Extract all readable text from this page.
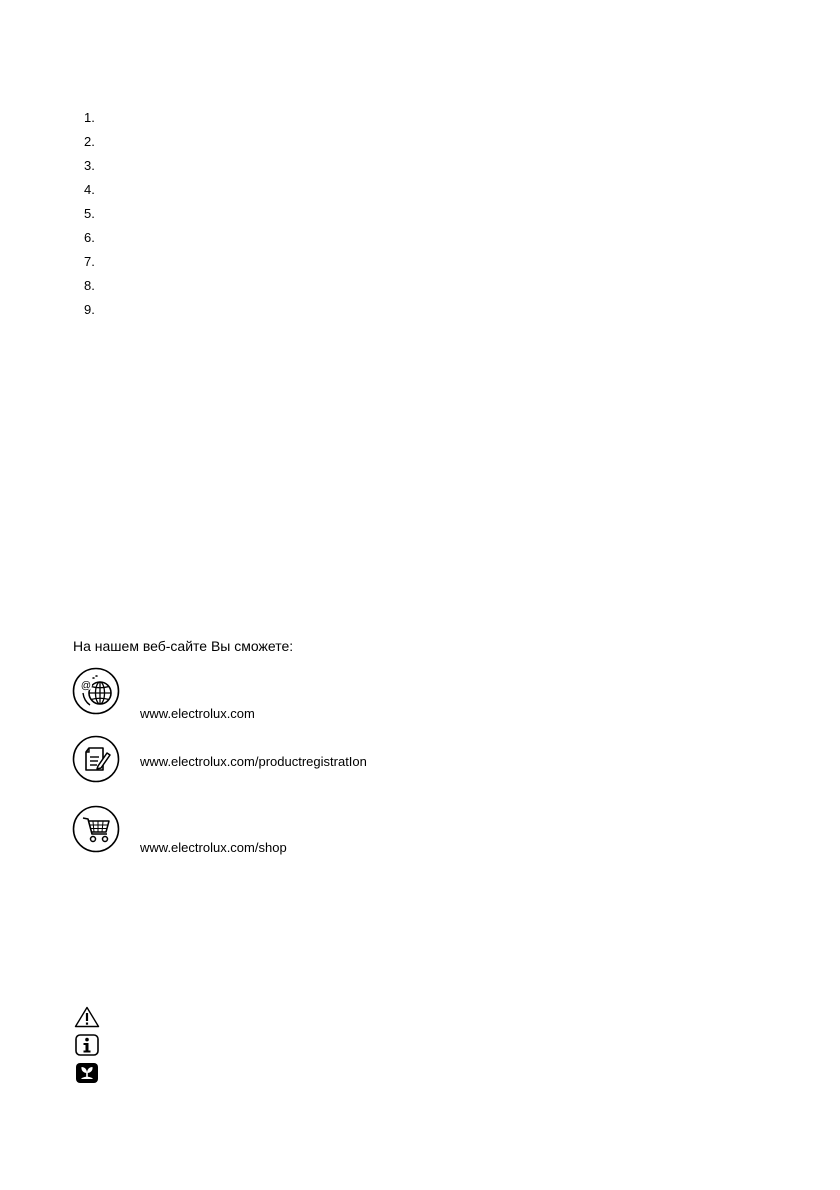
1.
2.
3.
4.
5.
6.
7.
8.
9.
На нашем веб-сайте Вы сможете:
@
www.electrolux.com
www.electrolux.com/productregistratIon
www.electrolux.com/shop
